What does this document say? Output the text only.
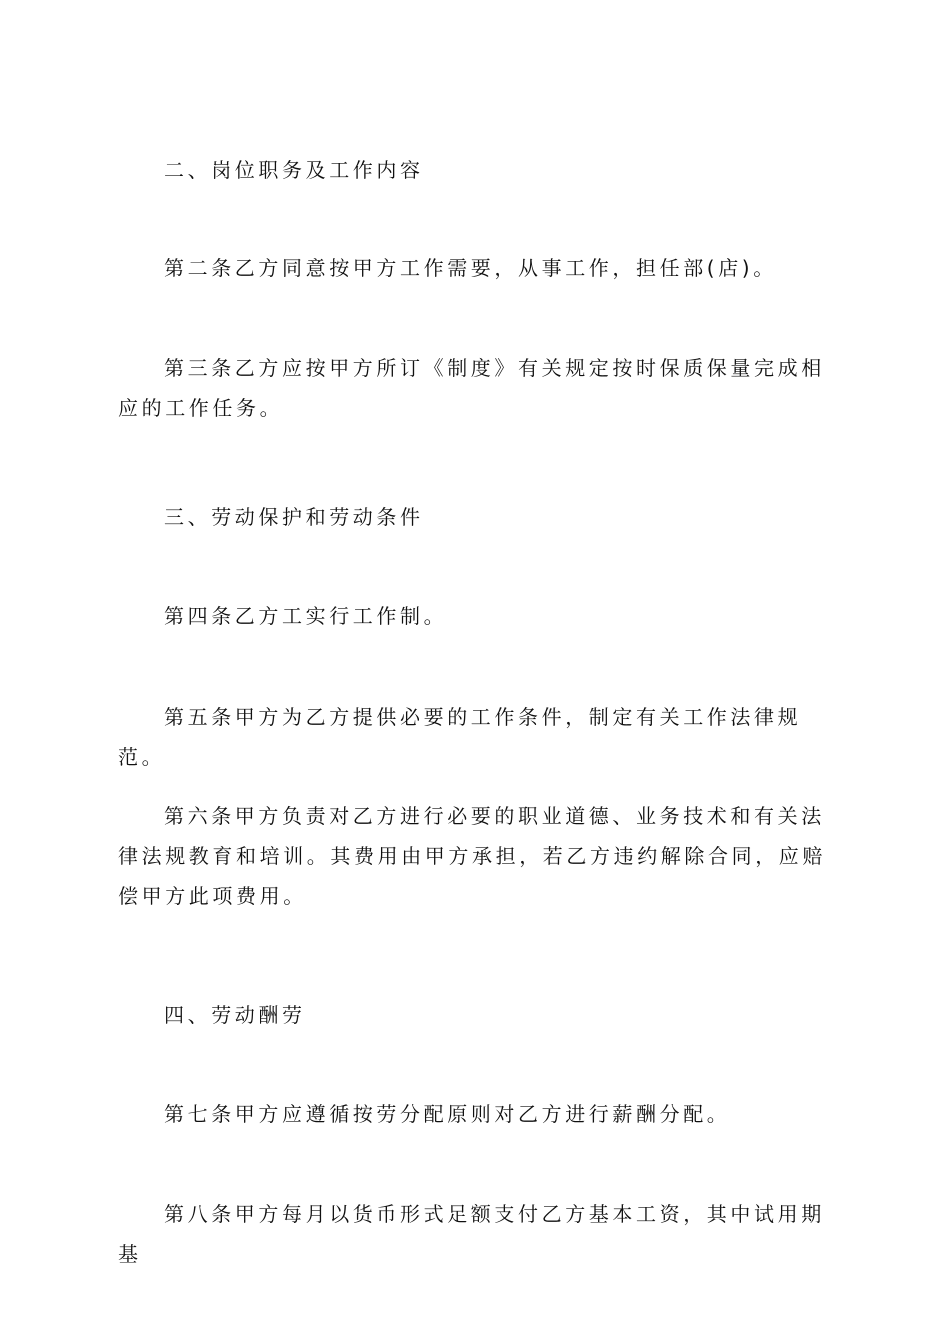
二、岗位职务及工作内容

第二条乙方同意按甲方工作需要，从事工作，担任部(店)。

第三条乙方应按甲方所订《制度》有关规定按时保质保量完成相应的工作任务。

三、劳动保护和劳动条件

第四条乙方工实行工作制。

第五条甲方为乙方提供必要的工作条件，制定有关工作法律规范。

第六条甲方负责对乙方进行必要的职业道德、业务技术和有关法律法规教育和培训。其费用由甲方承担，若乙方违约解除合同，应赔偿甲方此项费用。

四、劳动酬劳

第七条甲方应遵循按劳分配原则对乙方进行薪酬分配。

第八条甲方每月以货币形式足额支付乙方基本工资，其中试用期基
